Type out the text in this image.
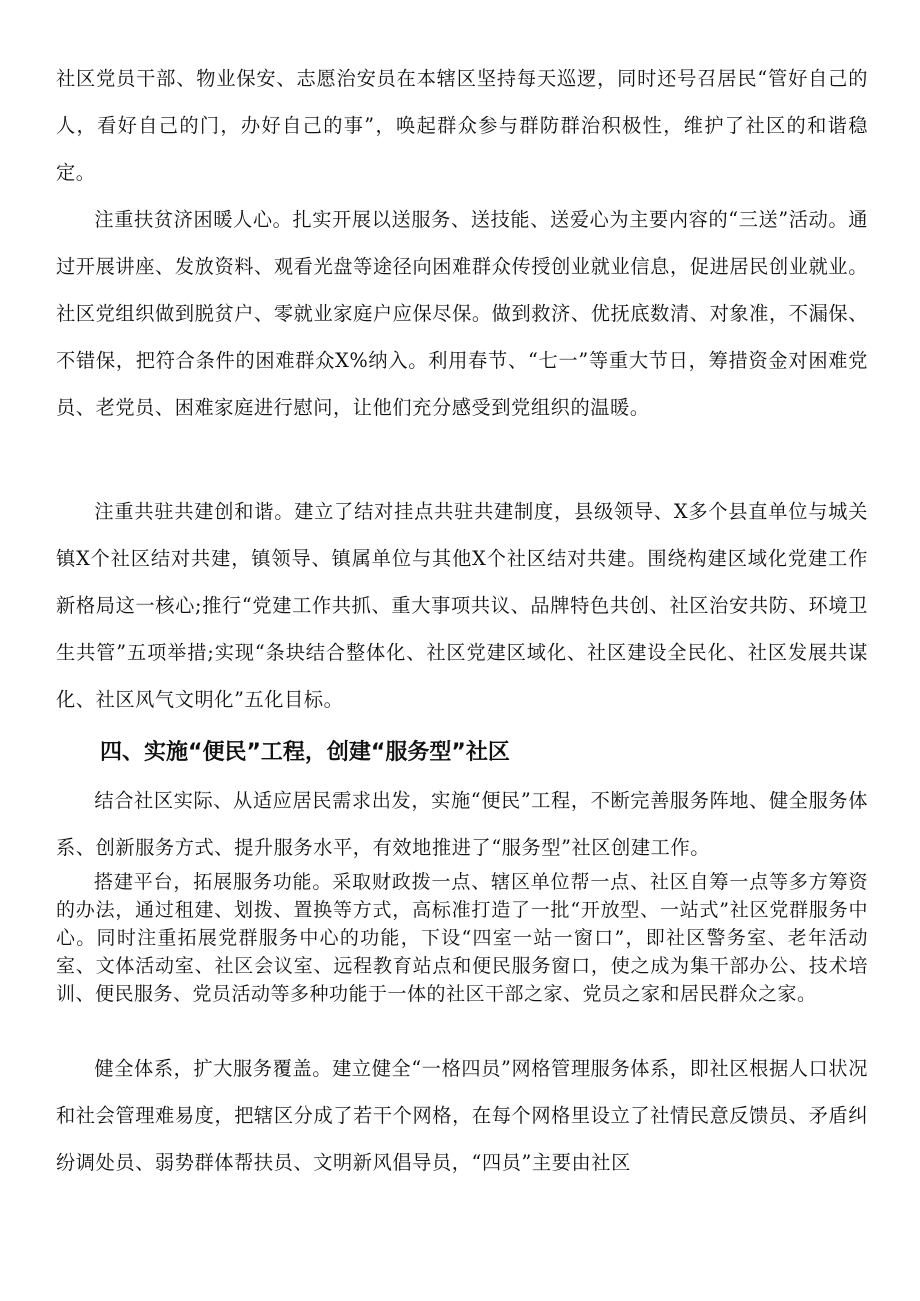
社区党员干部、物业保安、志愿治安员在本辖区坚持每天巡逻，同时还号召居民“管好自己的人，看好自己的门，办好自己的事”，唤起群众参与群防群治积极性，维护了社区的和谐稳定。

注重扶贫济困暖人心。扎实开展以送服务、送技能、送爱心为主要内容的“三送”活动。通过开展讲座、发放资料、观看光盘等途径向困难群众传授创业就业信息，促进居民创业就业。社区党组织做到脱贫户、零就业家庭户应保尽保。做到救济、优抚底数清、对象准，不漏保、不错保，把符合条件的困难群众X%纳入。利用春节、“七一”等重大节日，筹措资金对困难党员、老党员、困难家庭进行慰问，让他们充分感受到党组织的温暖。

注重共驻共建创和谐。建立了结对挂点共驻共建制度，县级领导、X多个县直单位与城关镇X个社区结对共建，镇领导、镇属单位与其他X个社区结对共建。围绕构建区域化党建工作新格局这一核心;推行“党建工作共抓、重大事项共议、品牌特色共创、社区治安共防、环境卫生共管”五项举措;实现“条块结合整体化、社区党建区域化、社区建设全民化、社区发展共谋化、社区风气文明化”五化目标。

四、实施“便民”工程，创建“服务型”社区

结合社区实际、从适应居民需求出发，实施“便民”工程，不断完善服务阵地、健全服务体系、创新服务方式、提升服务水平，有效地推进了“服务型”社区创建工作。

搭建平台，拓展服务功能。采取财政拨一点、辖区单位帮一点、社区自筹一点等多方筹资的办法，通过租建、划拨、置换等方式，高标准打造了一批“开放型、一站式”社区党群服务中心。同时注重拓展党群服务中心的功能，下设“四室一站一窗口”，即社区警务室、老年活动室、文体活动室、社区会议室、远程教育站点和便民服务窗口，使之成为集干部办公、技术培训、便民服务、党员活动等多种功能于一体的社区干部之家、党员之家和居民群众之家。

健全体系，扩大服务覆盖。建立健全“一格四员”网格管理服务体系，即社区根据人口状况和社会管理难易度，把辖区分成了若干个网格，在每个网格里设立了社情民意反馈员、矛盾纠纷调处员、弱势群体帮扶员、文明新风倡导员，“四员”主要由社区
